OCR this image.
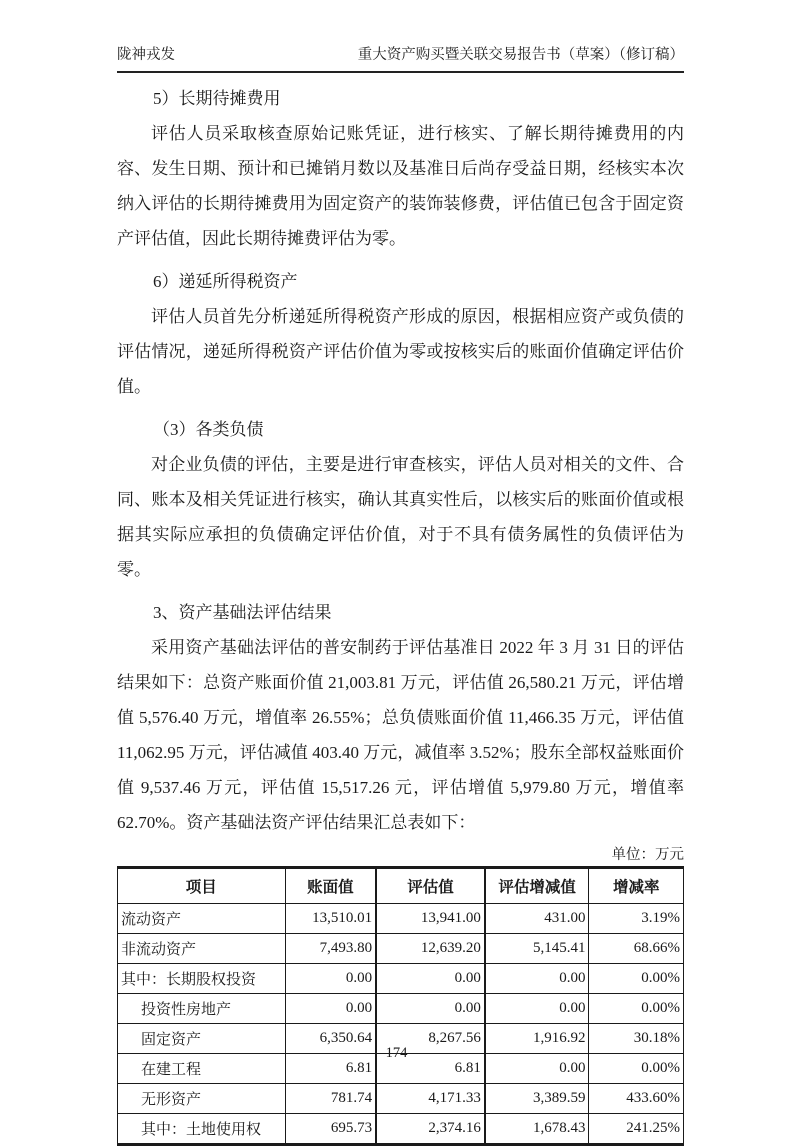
陇神戎发	重大资产购买暨关联交易报告书（草案）（修订稿）
5）长期待摊费用

评估人员采取核查原始记账凭证，进行核实、了解长期待摊费用的内容、发生日期、预计和已摊销月数以及基准日后尚存受益日期，经核实本次纳入评估的长期待摊费用为固定资产的装饰装修费，评估值已包含于固定资产评估值，因此长期待摊费评估为零。

6）递延所得税资产

评估人员首先分析递延所得税资产形成的原因，根据相应资产或负债的评估情况，递延所得税资产评估价值为零或按核实后的账面价值确定评估价值。

（3）各类负债

对企业负债的评估，主要是进行审查核实，评估人员对相关的文件、合同、账本及相关凭证进行核实，确认其真实性后，以核实后的账面价值或根据其实际应承担的负债确定评估价值，对于不具有债务属性的负债评估为零。

3、资产基础法评估结果

采用资产基础法评估的普安制药于评估基准日 2022 年 3 月 31 日的评估结果如下：总资产账面价值 21,003.81 万元，评估值 26,580.21 万元，评估增值 5,576.40 万元，增值率 26.55%；总负债账面价值 11,466.35 万元，评估值 11,062.95 万元，评估减值 403.40 万元，减值率 3.52%；股东全部权益账面价值 9,537.46 万元，评估值 15,517.26 元，评估增值 5,979.80 万元，增值率 62.70%。资产基础法资产评估结果汇总表如下：

单位：万元
项目	账面值	评估值	评估增减值	增减率
流动资产	13,510.01	13,941.00	431.00	3.19%
非流动资产	7,493.80	12,639.20	5,145.41	68.66%
其中：长期股权投资	0.00	0.00	0.00	0.00%
投资性房地产	0.00	0.00	0.00	0.00%
固定资产	6,350.64	8,267.56	1,916.92	30.18%
在建工程	6.81	6.81	0.00	0.00%
无形资产	781.74	4,171.33	3,389.59	433.60%
其中：土地使用权	695.73	2,374.16	1,678.43	241.25%
174
